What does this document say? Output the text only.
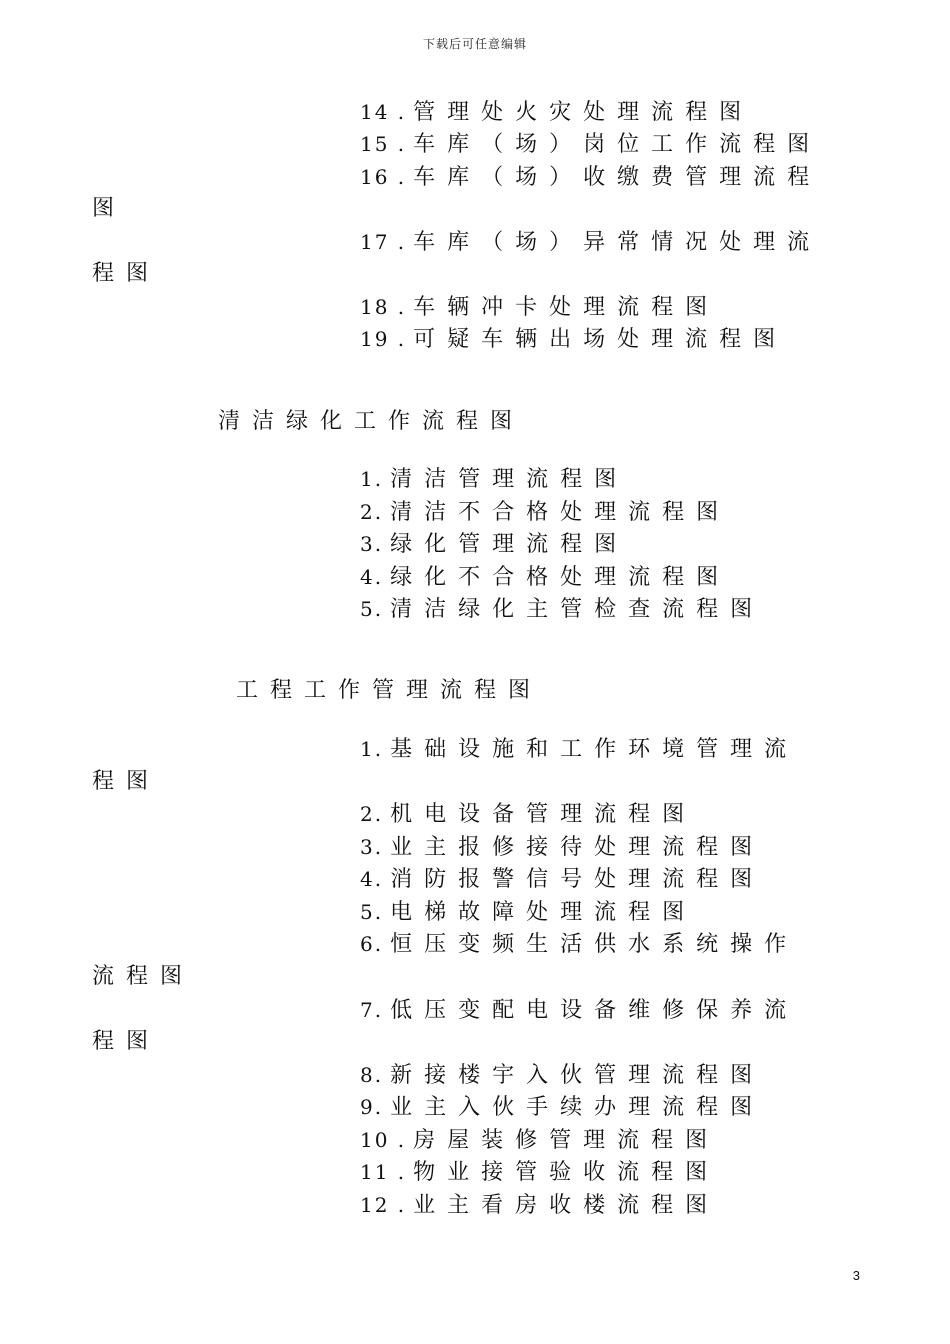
下载后可任意编辑
14 . 管理处火灾处理流程图
15 . 车库（场）岗位工作流程图
16 . 车库（场）收缴费管理流程
图
17 . 车库（场）异常情况处理流
程图
18 . 车辆冲卡处理流程图
19 . 可疑车辆出场处理流程图
清洁绿化工作流程图
1. 清洁管理流程图
2. 清洁不合格处理流程图
3. 绿化管理流程图
4. 绿化不合格处理流程图
5. 清洁绿化主管检查流程图
工程工作管理流程图
1. 基础设施和工作环境管理流
程图
2. 机电设备管理流程图
3. 业主报修接待处理流程图
4. 消防报警信号处理流程图
5. 电梯故障处理流程图
6. 恒压变频生活供水系统操作
流程图
7. 低压变配电设备维修保养流
程图
8. 新接楼宇入伙管理流程图
9. 业主入伙手续办理流程图
10 . 房屋装修管理流程图
11 . 物业接管验收流程图
12 . 业主看房收楼流程图
3
